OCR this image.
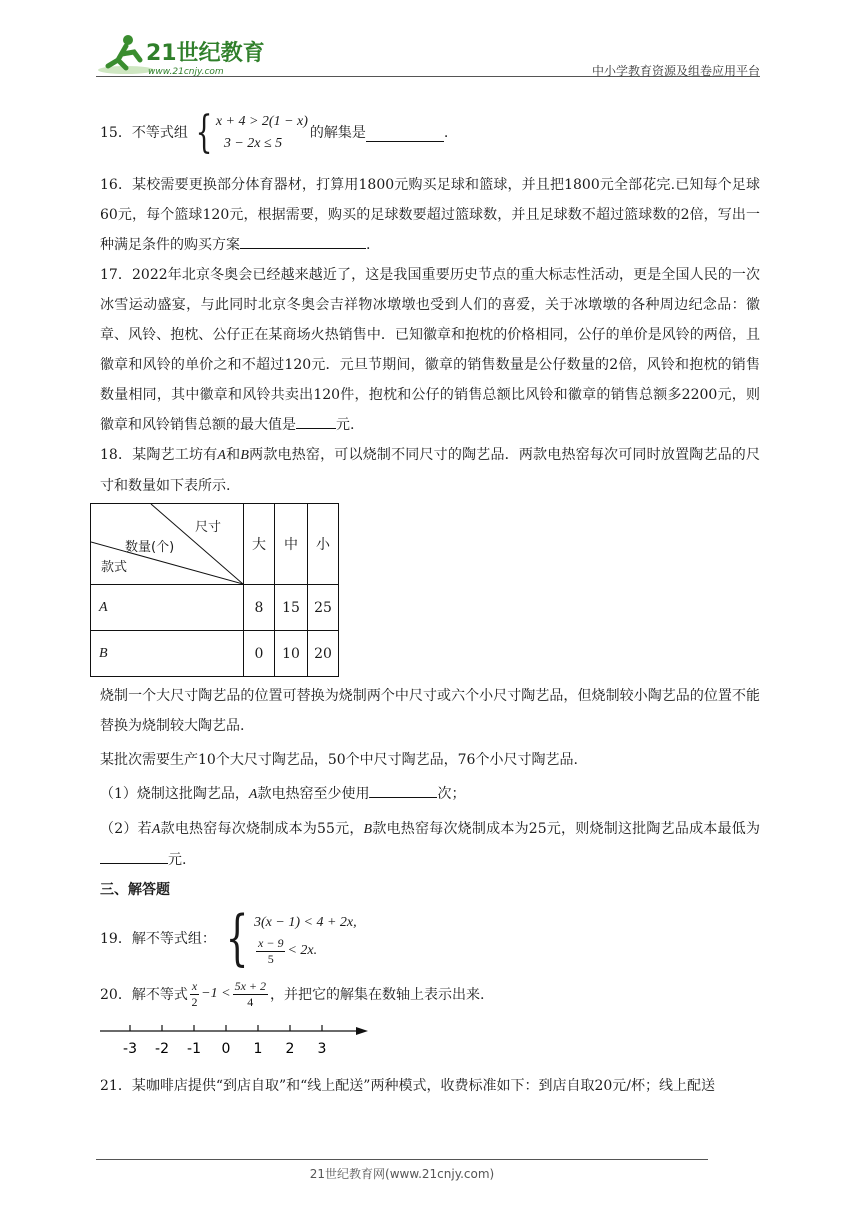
21世纪教育
www.21cnjy.com	中小学教育资源及组卷应用平台
15．不等式组 { x + 4 > 2(1 − x)
3 − 2x ≤ 5
的解集是	.
16．某校需要更换部分体育器材，打算用1800元购买足球和篮球，并且把1800元全部花完.已知每个足球60元，每个篮球120元，根据需要，购买的足球数要超过篮球数，并且足球数不超过篮球数的2倍，写出一种满足条件的购买方案	.
17．2022年北京冬奥会已经越来越近了，这是我国重要历史节点的重大标志性活动，更是全国人民的一次冰雪运动盛宴，与此同时北京冬奥会吉祥物冰墩墩也受到人们的喜爱，关于冰墩墩的各种周边纪念品：徽章、风铃、抱枕、公仔正在某商场火热销售中．已知徽章和抱枕的价格相同，公仔的单价是风铃的两倍，且徽章和风铃的单价之和不超过120元．元旦节期间，徽章的销售数量是公仔数量的2倍，风铃和抱枕的销售数量相同，其中徽章和风铃共卖出120件，抱枕和公仔的销售总额比风铃和徽章的销售总额多2200元，则徽章和风铃销售总额的最大值是	元.
18．某陶艺工坊有A和B两款电热窑，可以烧制不同尺寸的陶艺品．两款电热窑每次可同时放置陶艺品的尺寸和数量如下表所示.
尺寸
数量(个)
款式	大	中	小
A	8	15	25
B	0	10	20
烧制一个大尺寸陶艺品的位置可替换为烧制两个中尺寸或六个小尺寸陶艺品，但烧制较小陶艺品的位置不能替换为烧制较大陶艺品.
某批次需要生产10个大尺寸陶艺品，50个中尺寸陶艺品，76个小尺寸陶艺品.
（1）烧制这批陶艺品，A款电热窑至少使用	次；
（2）若A款电热窑每次烧制成本为55元，B款电热窑每次烧制成本为25元，则烧制这批陶艺品成本最低为元.
三、解答题
19．解不等式组： { 3(x − 1) < 4 + 2x,
$\frac{x - 9}{5} < 2x$.
20．解不等式 $\frac{x}{2} -1 < \frac{5x + 2}{4}$ ，并把它的解集在数轴上表示出来.
-3 -2 -1 0 1 2 3
21．某咖啡店提供“到店自取”和“线上配送”两种模式，收费标准如下：到店自取20元/杯；线上配送
21世纪教育网(www.21cnjy.com)
